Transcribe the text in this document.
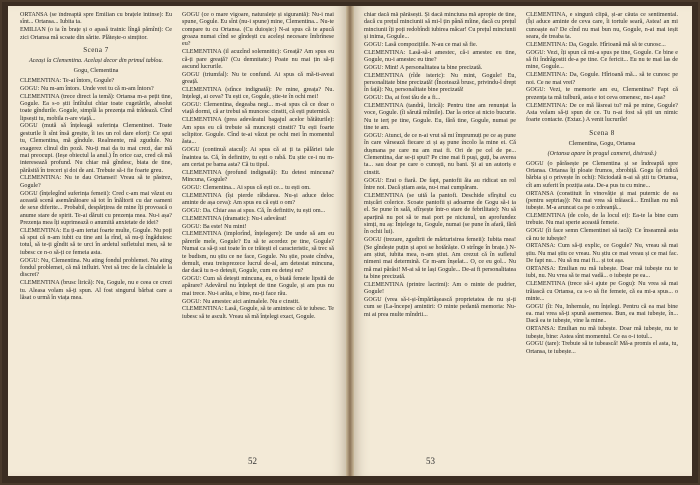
ORTANSA (se îndreaptă spre Emilian cu brațele întinse): Eu sînt... Ortansa... Iubita ta.

EMILIAN (o ia în brațe și o apasă trainic lîngă pămînt): Ce zici Ortansa mă scoate din sărite. Plătește-o simțitor.

Scena 7

Aceași la Clementina. Același decor din primul tablou.

Gogu, Clementina

CLEMENTINA: Te-ai întors, Gogule?

GOGU: Nu m-am întors. Unde vrei tu că m-am întors?

CLEMENTINA (trece direct la temă): Ortansa m-a pețit tine, Gogule. Ea s-o știi întîiului chiar toate cugetările, absolut toate gîndurile. Gogule, simplă la prezența mă trădează. Cînd lipsești tu, mobila n-are viață...

GOGU (mută să înțeleagă suferința Clementinei. Toate gesturile îi sînt însă greșite, îi ies un rol dare efort): Ce spui tu, Clementina, mă gîndule. Realmente, mă zgudule. Nu exagerez clinul din poză. Nu-ți mai da tu mai crezi, dar mă mai preocupi. (Ieșe obiectul la anul.) În orice caz, cred că mă interesează profund. Nu chiar mă gîndesc, biata de tine, părăsită în treceri și doi de ani. Trebuie să-i fie foarte greu.

CLEMENTINA: Nu te dau Ortansei! Vreau să te păstrez, Gogule?

GOGU (înțelegînd suferința femeii): Cred c-am mai văzut eu această scenă asemănătoare să tot în înăltorii cu dar oameni de sexe diferite... Probabil, despărțirea de mine îți provoacă o anume stare de spirit. Te-ai dăruit cu prezența mea. Nu-i așa? Prezența mea îți suprimează o anumită anxietate de idei?

CLEMENTINA: Eu ți-am iertat foarte multe, Gogule. Nu poți să spui că n-am iubit cu tine ani la rînd, să nu-ți îngăduiesc totul, să te-ți gîndit să te urci în ardeiul sufletului meu, să te iubesc ce n-o să-ți ce femeia asta.

GOGU: Nu, Clementina. Nu ating fondul problemei. Nu ating fondul problemei, că mă influiri. Vrei să trec de la cîntalele la discret?

CLEMENTINA (brusc lirică): Nu, Gogule, nu e ceea ce crezi tu. Aleasa volam să-ți spun. Al fost singurul bărbat care a lăsat o urmă în viața mea.

GOGU (ce o mare vigoare, naturalețe și sigurantă): Nu-i mai spune, Gogule. Eu sînt (nu-i spune) mine, Clementina... Nu-te compare tu cu Ortansa. (Cu duioșie:) N-ai spus că te apucă groaza numai cînd se gîndești cu aceleși necesare îmbrînese eu?

CLEMENTINA (il acuzînd solemnitic): Greață? Am spus eu că-ți pare greață? (Cu demnitate:) Poate nu mai țin să-ți ascund lucrurile.

GOGU (triumfal): Nu te confund. Ai spus că mă-ti-aveai greață.

CLEMENTINA (stînce indignată): Pe mine, greața? Nu. Ințelegi, ai ceva? Tu ești ce, Gogule, știe-te în ochi mei!

GOGU: Clementina, degeaba negi... m-ai spus că ce doar o viață dormi, că ar trebui să muncesc cinstit, că ești puternică.

CLEMENTINA (prea adevăratul bagajul acelor bătăturile): Am spus eu că trebuie să muncești cinstit? Tu ești foarte sclipitor. Gogule. Cînd te-ai văzut pe ochi mei în momentul ăsta...

GOGU (continuă atacul): Ai spus că ai ți ta pălăriei tale înaintea ta. Că, în definitiv, tu ești o rabă. Eu știe ce-i nu m-am certat pe bama asta? Că tu tipul.

CLEMENTINA (profund indignată): Eu detest mincuna? Mincuna, Gogule?

GOGU: Clementina... Ai spus că ești ce... tu ești om.

CLEMENTINA (își pierde răbdarea. Nu-și aduce deloc aminte de așa ceva): Am spus eu că ești o om?

GOGU: Da. Chiar asa ai spus. Că, în definitiv, tu ești om...

CLEMENTINA (dramatic): Nu-i adevărat!

GOGU: Ba este! Nu mint!

CLEMENTINA (implorînd, înțelegere): De unde să am eu părerile mele, Gogule? Eu să te acordez pe tine, Gogule? Numai ca să-ți sui toate în ce trăiești el caracteristic, să trec să te budism, nu știu ce ne face, Gogule. Nu știe, poate cîndva, demult, erau treisprezece lucrul de-al, am detestat mincuna, dar dacă tu n-o deteșii, Gogule, cum eu deteși eu?

GOGU: Cum să detești mincuna, eu, o biată femeie lipsită de apărare? Adevărul nu înțelept de tine Gogule, și am pus nu mai trece. Nu-i arăta, e bine, nu-ți face rău.

GOGU: Nu amestec aici animalele. Nu e cinstit.

CLEMENTINA: Lasă, Gogule, să te amintesc că te iubesc. Te iubesc să te ascult. Vreau să mă înțelegi exact, Gogule.

52

chiar dacă mă părăsești. Și dacă minciuna mă apropie de tine, dacă cu prețul minciunii să mi-l țin până mîine, dacă cu prețul minciunii îți poți redobîndi iubirea măcar! Cu prețul minciunii și inima, Gogule...

GOGU: Lasă compozițiile. N-au ce mai să fie.

CLEMENTINA: Lasă-să-i amestec, că-i amestec eu tine, Gogule, nu-i amestec eu tine?

GOGU: Mint! A personalitatea ta bine precizată.

CLEMENTINA (rîde isteric): Nu mint, Gogule! Eu, personalitate bine precizată! (Încetează brusc, privindu-l drept în față): Nu, personalitate bine precizată!

GOGU: Da, ai fost tău de a fi...

CLEMENTINA (tandră, lirică): Pentru tine am renunțat la voce, Gogule. (îi sărută mîinile). Dar la orice ai nicio bucurie. Nu te ierț pe tine, Gogule. Eu, fără tine, Gogule, numai pe tine te am.

GOGU: Atunci, de ce n-ai vrut să mi împrumuți pe ce aș pune în care vărsează fiecare zi și aș pune încolo la mine ei. Că dușmana pe care nu am mai fi. Ori de pe cel de pe... Clementina, dar se-ți spui? Pe cine mai fi puși, guți, ba averea ta... sau doar pe care o cunoști, nu bani. Și ai un autoriș e cinstit.

GOGU: Erai o fiară. De fapt, pantofii ăia au ridicat un rol între noi. Dacă știam asta, nu-i mai cumpăram.

CLEMENTINA (se uită la pantofi. Deschide sfîrșitul cu mișcări colerice. Scoate pantofii și adoarme de Gogu să-i ia el. Se pune în sală, sfîrșește într-o stare de febrilitate): Nu să aparțină nu pot să te mai port pe niciunul, un aprofundez simți, nu aș: Înțelege tu, Gogule, numai (se pune în afară, fără în ochii lui).

GOGU (trezare, zgudirii de mărturisirea femeii): Iubita mea! (Se gîndește puțin și apoi se hotărăște. O strînge în brațe.) N-am știut, iubita mea, n-am știut. Am crezut că în sufletul nimeni mai determină. Ce m-am înșelat... O, ce eu gol... Nu mă mai părăsi! M-ai să te lași Gogule... De-ai fi personalitatea ta bine precizată.

CLEMENTINA (printre lacrimi): Am o minte de pudrier, Gogule!

GOGU (vrea să-i-și-împărtășească proprietatea de nu și-ți cum se (La-începe) amintiri: O minte pedantă memoria: Nu-mi ai prea multe mîndrii...

CLEMENTINA, e singură clipă, și-ar căuta ce sentimental. (Își aduce aminte de ceva care, îi tortule seară, Astea! an mi cunoaște ea? De cînd nu mai bun nu, Gogule, n-ai mai ieșit seara, de treaba ta.

CLEMENTINA: Da, Gogule. Hîrioană mă să te cunosc...

GOGU: Vezi, îți spun că mi-a spus pe tine, Gogule. Ce bine e să fii îndrăgostit de-a pe tine. Ce fericit... Eu nu te mai las de mine, Gogule...

CLEMENTINA: Da, Gogule. Hîrioană mă... să te cunosc pe noi. Ce ne mai vrei?

GOGU: Vezi, te memorie am eu, Clementina? Fapt că prezența ta mă tulbură, asta e tot ceva omenesc, nu-i așa?

CLEMENTINA: De ce mă lăsreai tu? mă pe mine, Gogule? Asta volam să-ți spun de ce. Tu n-ai fost să știi un nimic foarte contacte. (Extaz.) A venit lucrurile!

Scena 8

Clementina, Gogu, Ortansa

(Ortansa apare în pragul camerei, distrusă.)

GOGU (o părăsește pe Clementina și se îndreaptă spre Ortansa. Ortansa îți ploaie frumos, zbrobiță. Gogu își ridică bărbia și o privește în ochi): Niciodată n-ai să știi tu Ortansa, cît am suferit în poziția asta. De-a pus tu cu mine...

ORTANSA (constituit în vinovăție și mai puternic de ea (pentru septriaș)): Nu mai vrea să trăiască... Emilian nu mă iubește. M-a aruncat ca pe o zdreanță...

CLEMENTINA (de colo, de la locul ei): Ea-te la bine cum trebuie. Nu mai sperie această femeie.

GOGU (îi face semn Clementinei să tacă): Ce înseamnă asta că nu te iubește?

ORTANSA: Cum să-ți explic, ce Gogule? Nu, vreau să mai știu. Nu mai știu ce vreau. Nu știu ce mai vreau și ce mai fac. De fapt nu... Nu să nu mai fi... și tot așa.

ORTANSA: Emilian nu mă iubește. Doar mă iubește nu te iubi, nu. Nu vrea să te mai vadă... o iubește pe ea...

CLEMENTINA (trece să-i ajute pe Gogu): Nu vrea să mai trăiască cu Ortansa, ca s-o să fie femeie, că ea mi-a spus... o minte...

GOGU (îi: Nu, Inhemule, nu înțelegi. Pentru că ea mai bine ea. mai vrea să-ți spună asemenea. Bun, ea mai iubește, în... Dacă ea te iubește, vine la mine..

ORTANSA: Emilian nu mă iubește. Doar mă iubește, nu te iubește, bine: Astea sînt momentul. Ce ea o-i totul...

GOGU (tare): Trebuie să te iubească! Mă-a promis el asta, tu, Ortansa, te iubește...

53
